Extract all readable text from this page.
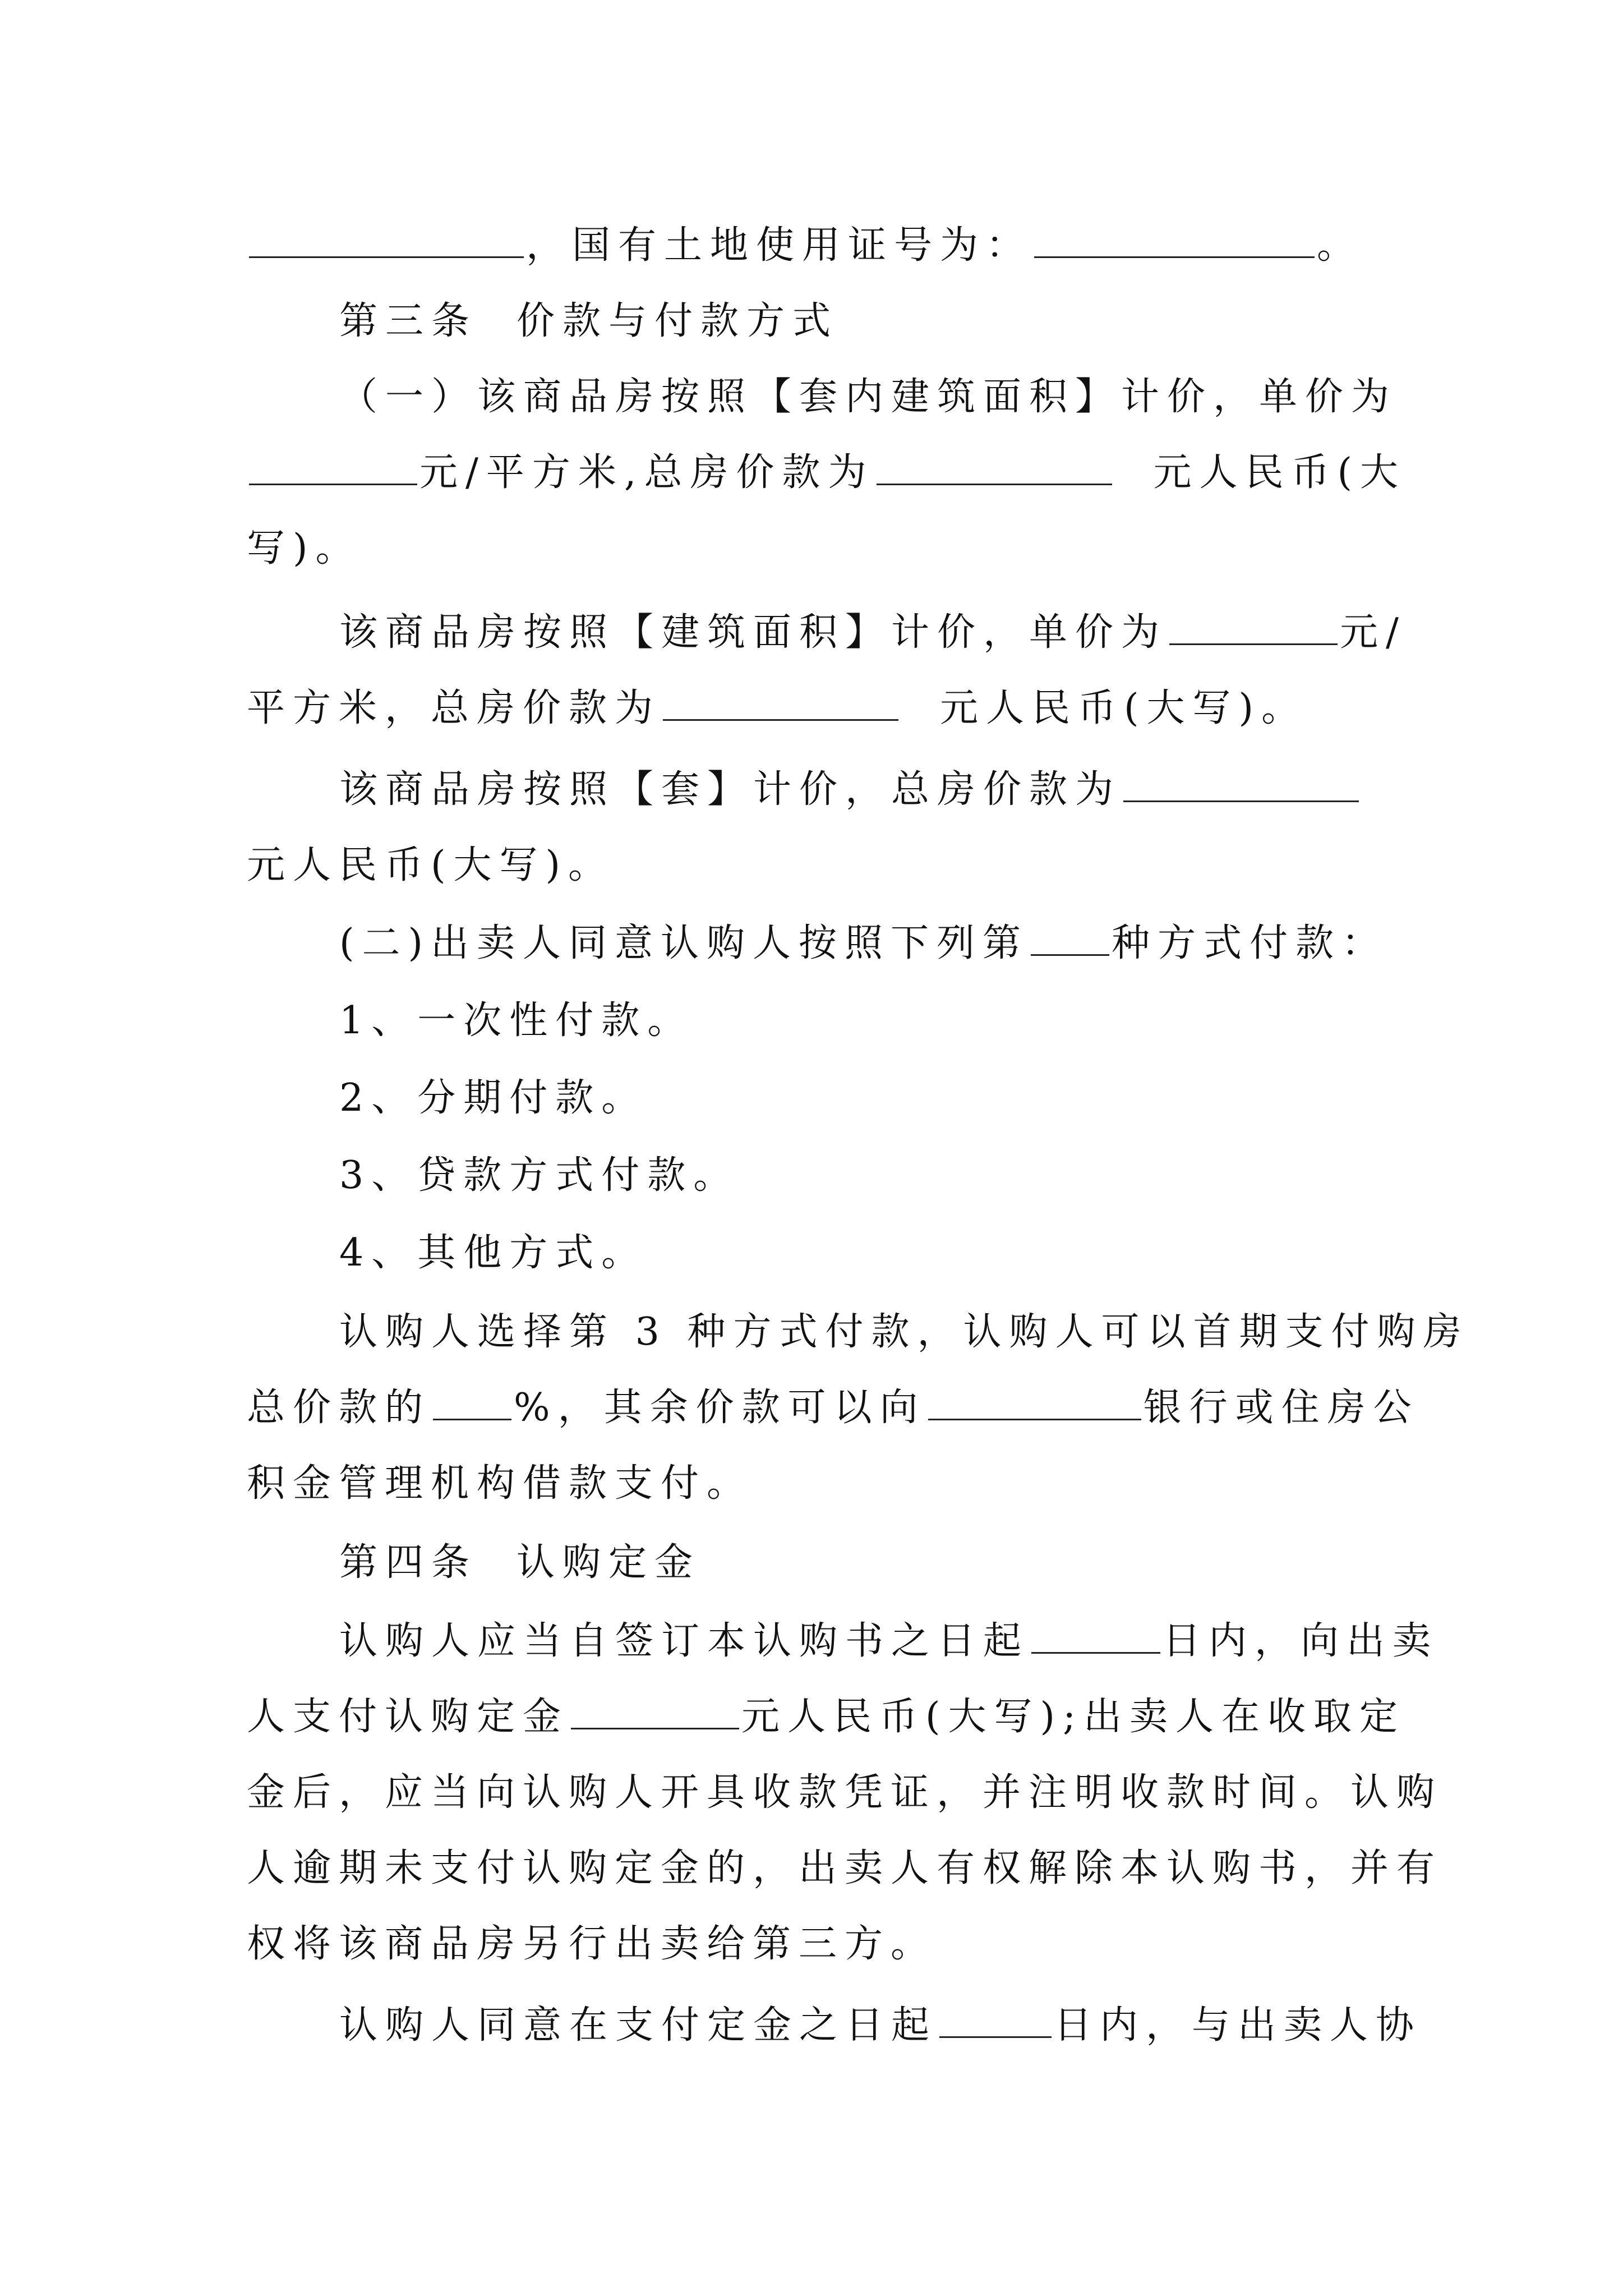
，国有土地使用证号为：	。
第三条 价款与付款方式
（一）该商品房按照【套内建筑面积】计价，单价为
元/平方米,总房价款为	元人民币(大
写)。
该商品房按照【建筑面积】计价，单价为	元/
平方米，总房价款为	元人民币(大写)。
该商品房按照【套】计价，总房价款为
元人民币(大写)。
(二)出卖人同意认购人按照下列第 种方式付款：
1、一次性付款。
2、分期付款。
3、贷款方式付款。
4、其他方式。
认购人选择第 3 种方式付款，认购人可以首期支付购房
总价款的 %，其余价款可以向	银行或住房公
积金管理机构借款支付。
第四条 认购定金
认购人应当自签订本认购书之日起	日内，向出卖
人支付认购定金	元人民币(大写);出卖人在收取定
金后，应当向认购人开具收款凭证，并注明收款时间。认购
人逾期未支付认购定金的，出卖人有权解除本认购书，并有
权将该商品房另行出卖给第三方。
认购人同意在支付定金之日起	日内，与出卖人协
